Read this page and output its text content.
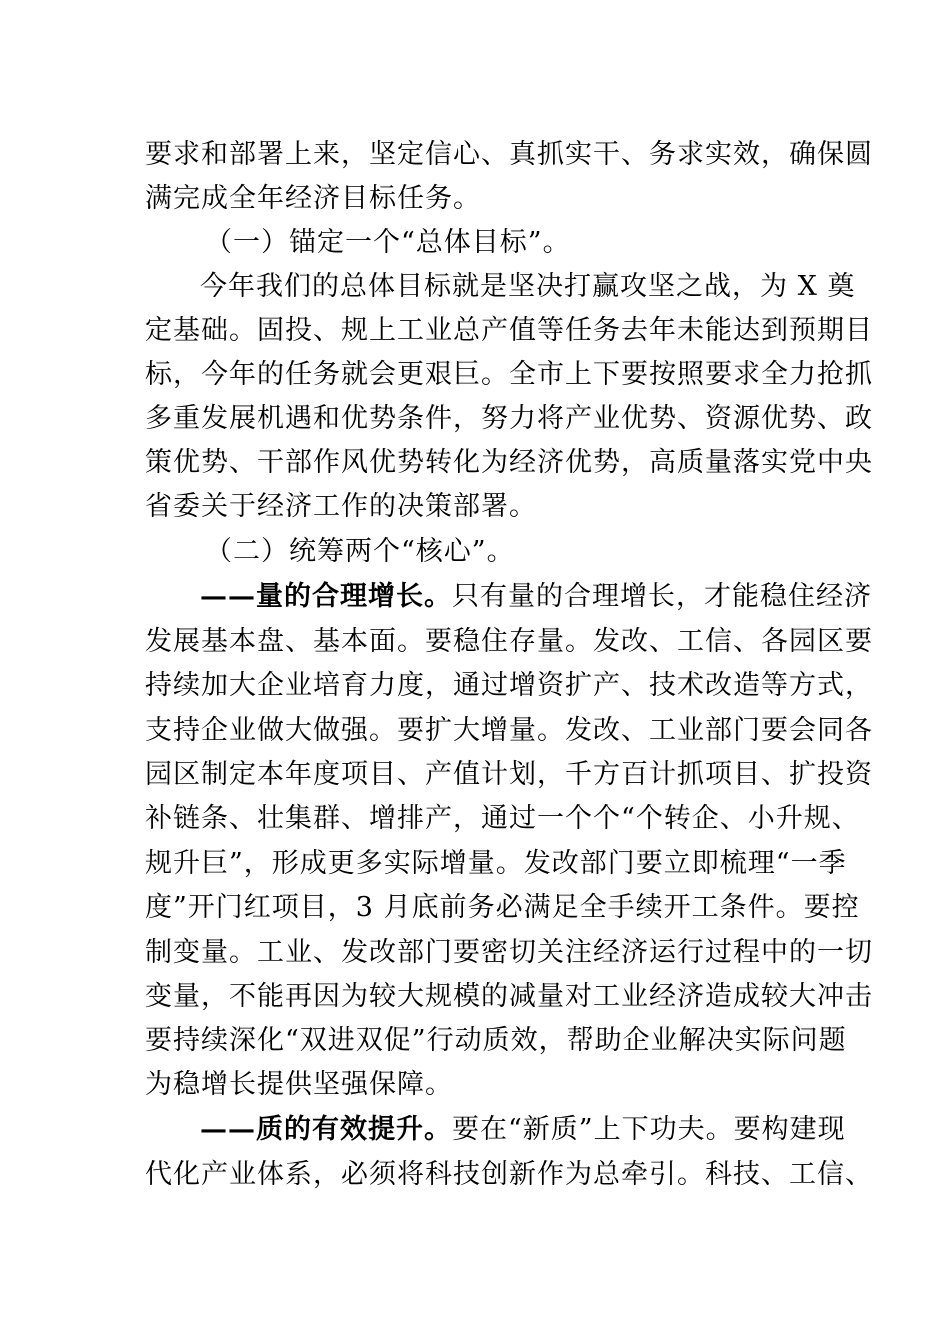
要求和部署上来，坚定信心、真抓实干、务求实效，确保圆
满完成全年经济目标任务。
（一）锚定一个“总体目标”。
今年我们的总体目标就是坚决打赢攻坚之战，为 X 奠
定基础。固投、规上工业总产值等任务去年未能达到预期目
标，今年的任务就会更艰巨。全市上下要按照要求全力抢抓
多重发展机遇和优势条件，努力将产业优势、资源优势、政
策优势、干部作风优势转化为经济优势，高质量落实党中央
省委关于经济工作的决策部署。
（二）统筹两个“核心”。
——量的合理增长。只有量的合理增长，才能稳住经济
发展基本盘、基本面。要稳住存量。发改、工信、各园区要
持续加大企业培育力度，通过增资扩产、技术改造等方式，
支持企业做大做强。要扩大增量。发改、工业部门要会同各
园区制定本年度项目、产值计划，千方百计抓项目、扩投资
补链条、壮集群、增排产，通过一个个“个转企、小升规、
规升巨”，形成更多实际增量。发改部门要立即梳理“一季
度”开门红项目，3 月底前务必满足全手续开工条件。要控
制变量。工业、发改部门要密切关注经济运行过程中的一切
变量，不能再因为较大规模的减量对工业经济造成较大冲击
要持续深化“双进双促”行动质效，帮助企业解决实际问题
为稳增长提供坚强保障。
——质的有效提升。要在“新质”上下功夫。要构建现
代化产业体系，必须将科技创新作为总牵引。科技、工信、
